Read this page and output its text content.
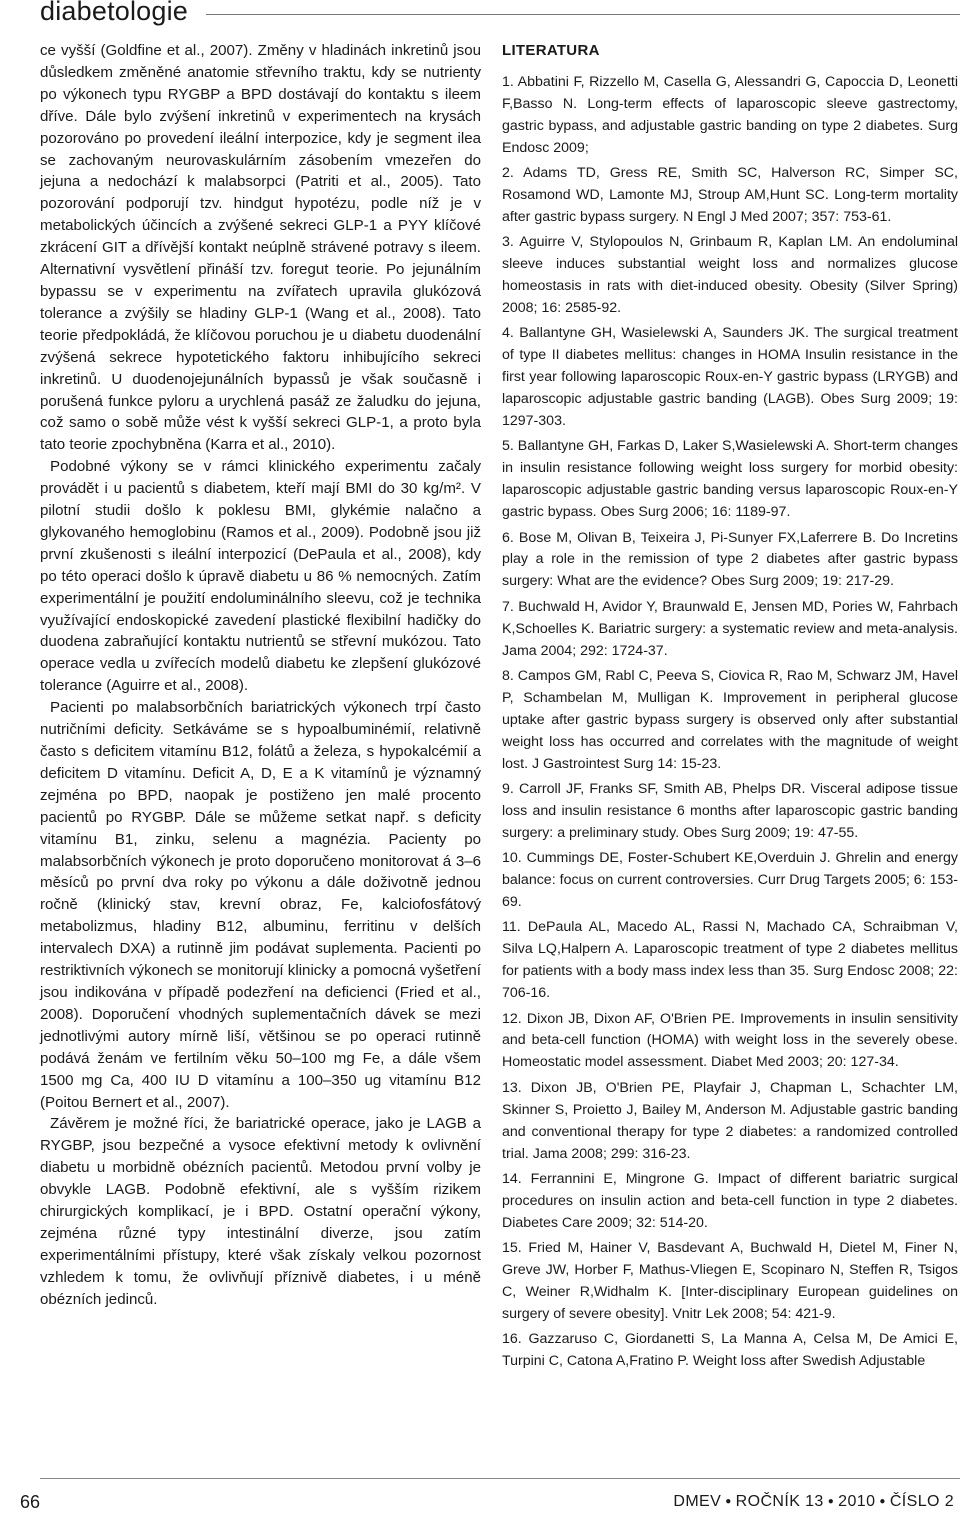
diabetologie

ce vyšší (Goldfine et al., 2007). Změny v hladinách inkretinů jsou důsledkem změněné anatomie střevního traktu, kdy se nutrienty po výkonech typu RYGBP a BPD dostávají do kontaktu s ileem dříve. Dále bylo zvýšení inkretinů v experimentech na krysách pozorováno po provedení ileální interpozice, kdy je segment ilea se zachovaným neurovaskulárním zásobením vmezeřen do jejuna a nedochází k malabsorpci (Patriti et al., 2005). Tato pozorování podporují tzv. hindgut hypotézu, podle níž je v metabolických účincích a zvýšené sekreci GLP-1 a PYY klíčové zkrácení GIT a dřívější kontakt neúplně strávené potravy s ileem. Alternativní vysvětlení přináší tzv. foregut teorie. Po jejunálním bypassu se v experimentu na zvířatech upravila glukózová tolerance a zvýšily se hladiny GLP-1 (Wang et al., 2008). Tato teorie předpokládá, že klíčovou poruchou je u diabetu duodenální zvýšená sekrece hypotetického faktoru inhibujícího sekreci inkretinů. U duodenojejunálních bypassů je však současně i porušená funkce pyloru a urychlená pasáž ze žaludku do jejuna, což samo o sobě může vést k vyšší sekreci GLP-1, a proto byla tato teorie zpochybněna (Karra et al., 2010).

Podobné výkony se v rámci klinického experimentu začaly provádět i u pacientů s diabetem, kteří mají BMI do 30 kg/m². V pilotní studii došlo k poklesu BMI, glykémie nalačno a glykovaného hemoglobinu (Ramos et al., 2009). Podobně jsou již první zkušenosti s ileální interpozicí (DePaula et al., 2008), kdy po této operaci došlo k úpravě diabetu u 86 % nemocných. Zatím experimentální je použití endoluminálního sleevu, což je technika využívající endoskopické zavedení plastické flexibilní hadičky do duodena zabraňující kontaktu nutrientů se střevní mukózou. Tato operace vedla u zvířecích modelů diabetu ke zlepšení glukózové tolerance (Aguirre et al., 2008).

Pacienti po malabsorbčních bariatrických výkonech trpí často nutričními deficity. Setkáváme se s hypoalbuminémií, relativně často s deficitem vitamínu B12, folátů a železa, s hypokalcémií a deficitem D vitamínu. Deficit A, D, E a K vitamínů je významný zejména po BPD, naopak je postiženo jen malé procento pacientů po RYGBP. Dále se můžeme setkat např. s deficity vitamínu B1, zinku, selenu a magnézia. Pacienty po malabsorbčních výkonech je proto doporučeno monitorovat á 3–6 měsíců po první dva roky po výkonu a dále doživotně jednou ročně (klinický stav, krevní obraz, Fe, kalciofosfátový metabolizmus, hladiny B12, albuminu, ferritinu v delších intervalech DXA) a rutinně jim podávat suplementa. Pacienti po restriktivních výkonech se monitorují klinicky a pomocná vyšetření jsou indikována v případě podezření na deficienci (Fried et al., 2008). Doporučení vhodných suplementačních dávek se mezi jednotlivými autory mírně liší, většinou se po operaci rutinně podává ženám ve fertilním věku 50–100 mg Fe, a dále všem 1500 mg Ca, 400 IU D vitamínu a 100–350 ug vitamínu B12 (Poitou Bernert et al., 2007).

Závěrem je možné říci, že bariatrické operace, jako je LAGB a RYGBP, jsou bezpečné a vysoce efektivní metody k ovlivnění diabetu u morbidně obézních pacientů. Metodou první volby je obvykle LAGB. Podobně efektivní, ale s vyšším rizikem chirurgických komplikací, je i BPD. Ostatní operační výkony, zejména různé typy intestinální diverze, jsou zatím experimentálními přístupy, které však získaly velkou pozornost vzhledem k tomu, že ovlivňují příznivě diabetes, i u méně obézních jedinců.

LITERATURA
1. Abbatini F, Rizzello M, Casella G, Alessandri G, Capoccia D, Leonetti F,Basso N. Long-term effects of laparoscopic sleeve gastrectomy, gastric bypass, and adjustable gastric banding on type 2 diabetes. Surg Endosc 2009;
2. Adams TD, Gress RE, Smith SC, Halverson RC, Simper SC, Rosamond WD, Lamonte MJ, Stroup AM,Hunt SC. Long-term mortality after gastric bypass surgery. N Engl J Med 2007; 357: 753-61.
3. Aguirre V, Stylopoulos N, Grinbaum R, Kaplan LM. An endoluminal sleeve induces substantial weight loss and normalizes glucose homeostasis in rats with diet-induced obesity. Obesity (Silver Spring) 2008; 16: 2585-92.
4. Ballantyne GH, Wasielewski A, Saunders JK. The surgical treatment of type II diabetes mellitus: changes in HOMA Insulin resistance in the first year following laparoscopic Roux-en-Y gastric bypass (LRYGB) and laparoscopic adjustable gastric banding (LAGB). Obes Surg 2009; 19: 1297-303.
5. Ballantyne GH, Farkas D, Laker S,Wasielewski A. Short-term changes in insulin resistance following weight loss surgery for morbid obesity: laparoscopic adjustable gastric banding versus laparoscopic Roux-en-Y gastric bypass. Obes Surg 2006; 16: 1189-97.
6. Bose M, Olivan B, Teixeira J, Pi-Sunyer FX,Laferrere B. Do Incretins play a role in the remission of type 2 diabetes after gastric bypass surgery: What are the evidence? Obes Surg 2009; 19: 217-29.
7. Buchwald H, Avidor Y, Braunwald E, Jensen MD, Pories W, Fahrbach K,Schoelles K. Bariatric surgery: a systematic review and meta-analysis. Jama 2004; 292: 1724-37.
8. Campos GM, Rabl C, Peeva S, Ciovica R, Rao M, Schwarz JM, Havel P, Schambelan M, Mulligan K. Improvement in peripheral glucose uptake after gastric bypass surgery is observed only after substantial weight loss has occurred and correlates with the magnitude of weight lost. J Gastrointest Surg 14: 15-23.
9. Carroll JF, Franks SF, Smith AB, Phelps DR. Visceral adipose tissue loss and insulin resistance 6 months after laparoscopic gastric banding surgery: a preliminary study. Obes Surg 2009; 19: 47-55.
10. Cummings DE, Foster-Schubert KE,Overduin J. Ghrelin and energy balance: focus on current controversies. Curr Drug Targets 2005; 6: 153-69.
11. DePaula AL, Macedo AL, Rassi N, Machado CA, Schraibman V, Silva LQ,Halpern A. Laparoscopic treatment of type 2 diabetes mellitus for patients with a body mass index less than 35. Surg Endosc 2008; 22: 706-16.
12. Dixon JB, Dixon AF, O'Brien PE. Improvements in insulin sensitivity and beta-cell function (HOMA) with weight loss in the severely obese. Homeostatic model assessment. Diabet Med 2003; 20: 127-34.
13. Dixon JB, O'Brien PE, Playfair J, Chapman L, Schachter LM, Skinner S, Proietto J, Bailey M, Anderson M. Adjustable gastric banding and conventional therapy for type 2 diabetes: a randomized controlled trial. Jama 2008; 299: 316-23.
14. Ferrannini E, Mingrone G. Impact of different bariatric surgical procedures on insulin action and beta-cell function in type 2 diabetes. Diabetes Care 2009; 32: 514-20.
15. Fried M, Hainer V, Basdevant A, Buchwald H, Dietel M, Finer N, Greve JW, Horber F, Mathus-Vliegen E, Scopinaro N, Steffen R, Tsigos C, Weiner R,Widhalm K. [Inter-disciplinary European guidelines on surgery of severe obesity]. Vnitr Lek 2008; 54: 421-9.
16. Gazzaruso C, Giordanetti S, La Manna A, Celsa M, De Amici E, Turpini C, Catona A,Fratino P. Weight loss after Swedish Adjustable
66	DMEV ● ROČNÍK 13 ● 2010 ● ČÍSLO 2
